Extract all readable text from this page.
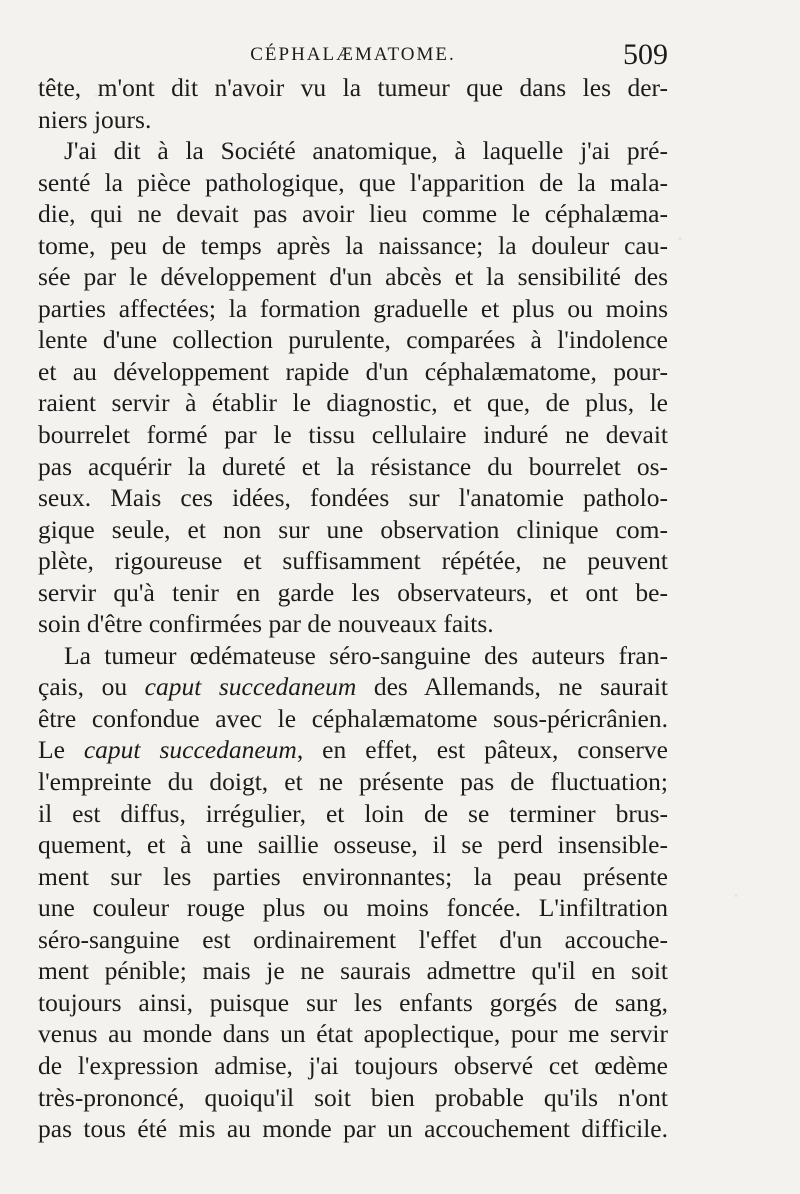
CÉPHALÆMATOME.	509
tête, m'ont dit n'avoir vu la tumeur que dans les der-
niers jours.
J'ai dit à la Société anatomique, à laquelle j'ai pré-
senté la pièce pathologique, que l'apparition de la mala-
die, qui ne devait pas avoir lieu comme le céphalæma-
tome, peu de temps après la naissance; la douleur cau-
sée par le développement d'un abcès et la sensibilité des
parties affectées; la formation graduelle et plus ou moins
lente d'une collection purulente, comparées à l'indolence
et au développement rapide d'un céphalæmatome, pour-
raient servir à établir le diagnostic, et que, de plus, le
bourrelet formé par le tissu cellulaire induré ne devait
pas acquérir la dureté et la résistance du bourrelet os-
seux. Mais ces idées, fondées sur l'anatomie patholo-
gique seule, et non sur une observation clinique com-
plète, rigoureuse et suffisamment répétée, ne peuvent
servir qu'à tenir en garde les observateurs, et ont be-
soin d'être confirmées par de nouveaux faits.
La tumeur œdémateuse séro-sanguine des auteurs fran-
çais, ou caput succedaneum des Allemands, ne saurait
être confondue avec le céphalæmatome sous-péricrânien.
Le caput succedaneum, en effet, est pâteux, conserve
l'empreinte du doigt, et ne présente pas de fluctuation;
il est diffus, irrégulier, et loin de se terminer brus-
quement, et à une saillie osseuse, il se perd insensible-
ment sur les parties environnantes; la peau présente
une couleur rouge plus ou moins foncée. L'infiltration
séro-sanguine est ordinairement l'effet d'un accouche-
ment pénible; mais je ne saurais admettre qu'il en soit
toujours ainsi, puisque sur les enfants gorgés de sang,
venus au monde dans un état apoplectique, pour me servir
de l'expression admise, j'ai toujours observé cet œdème
très-prononcé, quoiqu'il soit bien probable qu'ils n'ont
pas tous été mis au monde par un accouchement difficile.
